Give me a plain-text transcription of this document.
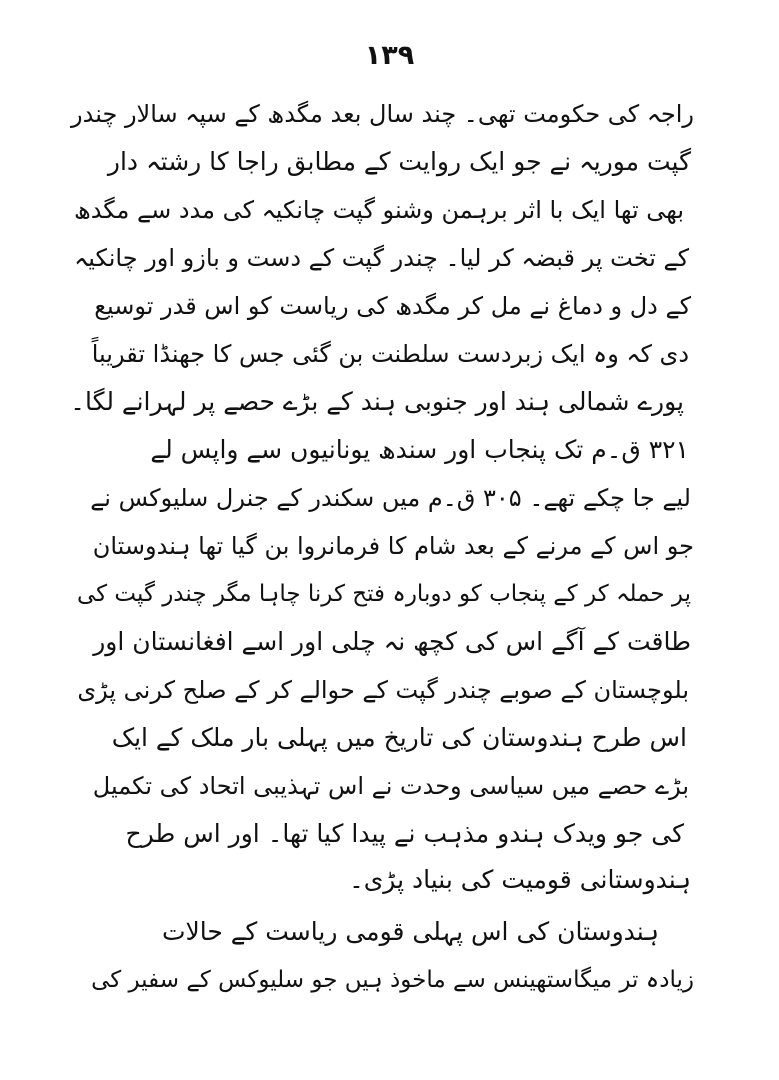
١٣٩
راجہ کی حکومت تھی۔ چند سال بعد مگدھ کے سپہ سالار چندر
گپت موریہ نے جو ایک روایت کے مطابق راجا کا رشتہ دار
بھی تھا ایک با اثر برہمن وشنو گپت چانکیہ کی مدد سے مگدھ
کے تخت پر قبضہ کر لیا۔ چندر گپت کے دست و بازو اور چانکیہ
کے دل و دماغ نے مل کر مگدھ کی ریاست کو اس قدر توسیع
دی کہ وہ ایک زبردست سلطنت بن گئی جس کا جھنڈا تقریباً
پورے شمالی ہند اور جنوبی ہند کے بڑے حصے پر لہرانے لگا۔
۳۲۱ ق۔م تک پنجاب اور سندھ یونانیوں سے واپس لے
لیے جا چکے تھے۔ ۳۰۵ ق۔م میں سکندر کے جنرل سلیوکس نے
جو اس کے مرنے کے بعد شام کا فرمانروا بن گیا تھا ہندوستان
پر حملہ کر کے پنجاب کو دوبارہ فتح کرنا چاہا مگر چندر گپت کی
طاقت کے آگے اس کی کچھ نہ چلی اور اسے افغانستان اور
بلوچستان کے صوبے چندر گپت کے حوالے کر کے صلح کرنی پڑی
اس طرح ہندوستان کی تاریخ میں پہلی بار ملک کے ایک
بڑے حصے میں سیاسی وحدت نے اس تہذیبی اتحاد کی تکمیل
کی جو ویدک ہندو مذہب نے پیدا کیا تھا۔ اور اس طرح
ہندوستانی قومیت کی بنیاد پڑی۔
ہندوستان کی اس پہلی قومی ریاست کے حالات
زیادہ تر میگاستھینس سے ماخوذ ہیں جو سلیوکس کے سفیر کی
